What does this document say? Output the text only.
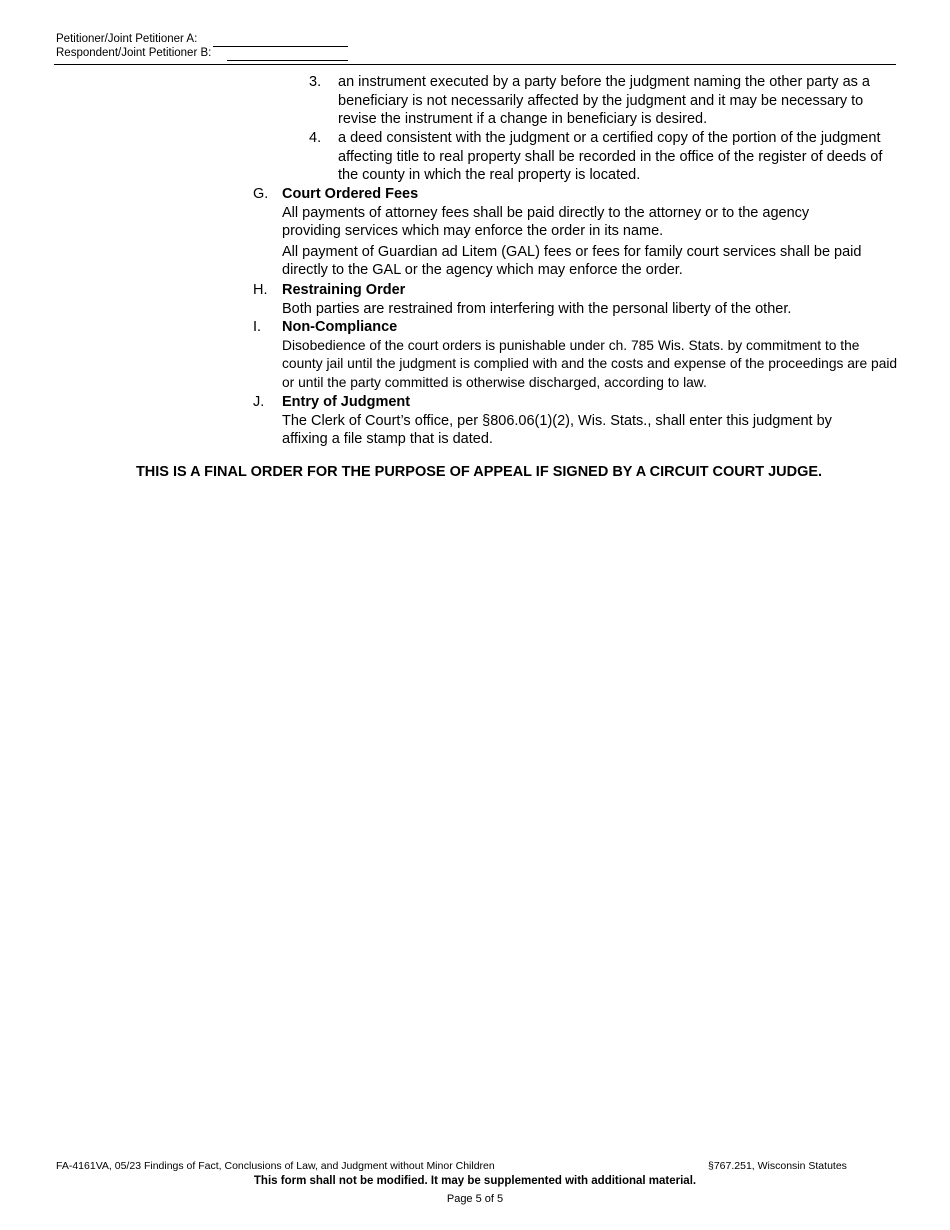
Petitioner/Joint Petitioner A:
Respondent/Joint Petitioner B:
3. an instrument executed by a party before the judgment naming the other party as a beneficiary is not necessarily affected by the judgment and it may be necessary to revise the instrument if a change in beneficiary is desired.
4. a deed consistent with the judgment or a certified copy of the portion of the judgment affecting title to real property shall be recorded in the office of the register of deeds of the county in which the real property is located.
G. Court Ordered Fees
All payments of attorney fees shall be paid directly to the attorney or to the agency providing services which may enforce the order in its name.
All payment of Guardian ad Litem (GAL) fees or fees for family court services shall be paid directly to the GAL or the agency which may enforce the order.
H. Restraining Order
Both parties are restrained from interfering with the personal liberty of the other.
I. Non-Compliance
Disobedience of the court orders is punishable under ch. 785 Wis. Stats. by commitment to the county jail until the judgment is complied with and the costs and expense of the proceedings are paid or until the party committed is otherwise discharged, according to law.
J. Entry of Judgment
The Clerk of Court’s office, per §806.06(1)(2), Wis. Stats., shall enter this judgment by affixing a file stamp that is dated.
THIS IS A FINAL ORDER FOR THE PURPOSE OF APPEAL IF SIGNED BY A CIRCUIT COURT JUDGE.
FA-4161VA, 05/23 Findings of Fact, Conclusions of Law, and Judgment without Minor Children	§767.251, Wisconsin Statutes
This form shall not be modified. It may be supplemented with additional material.
Page 5 of 5
